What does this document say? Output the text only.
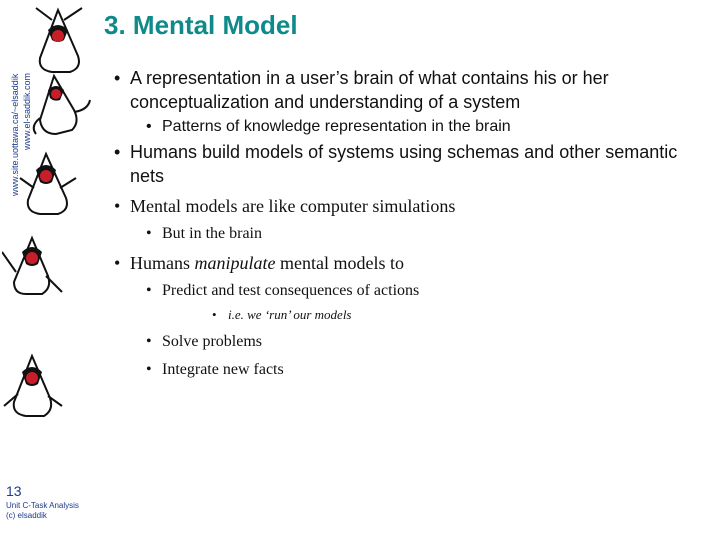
www.site.uottawa.ca/~elsaddik www.el-saddik.com
3. Mental Model
• A representation in a user’s brain of what contains his or her conceptualization and understanding of a system
• Patterns of knowledge representation in the brain
• Humans build models of systems using schemas and other semantic nets
• Mental models are like computer simulations
• But in the brain
• Humans manipulate mental models to
• Predict and test consequences of actions
• i.e. we ‘run’ our models
• Solve problems
• Integrate new facts
13
Unit C-Task Analysis
(c) elsaddik
